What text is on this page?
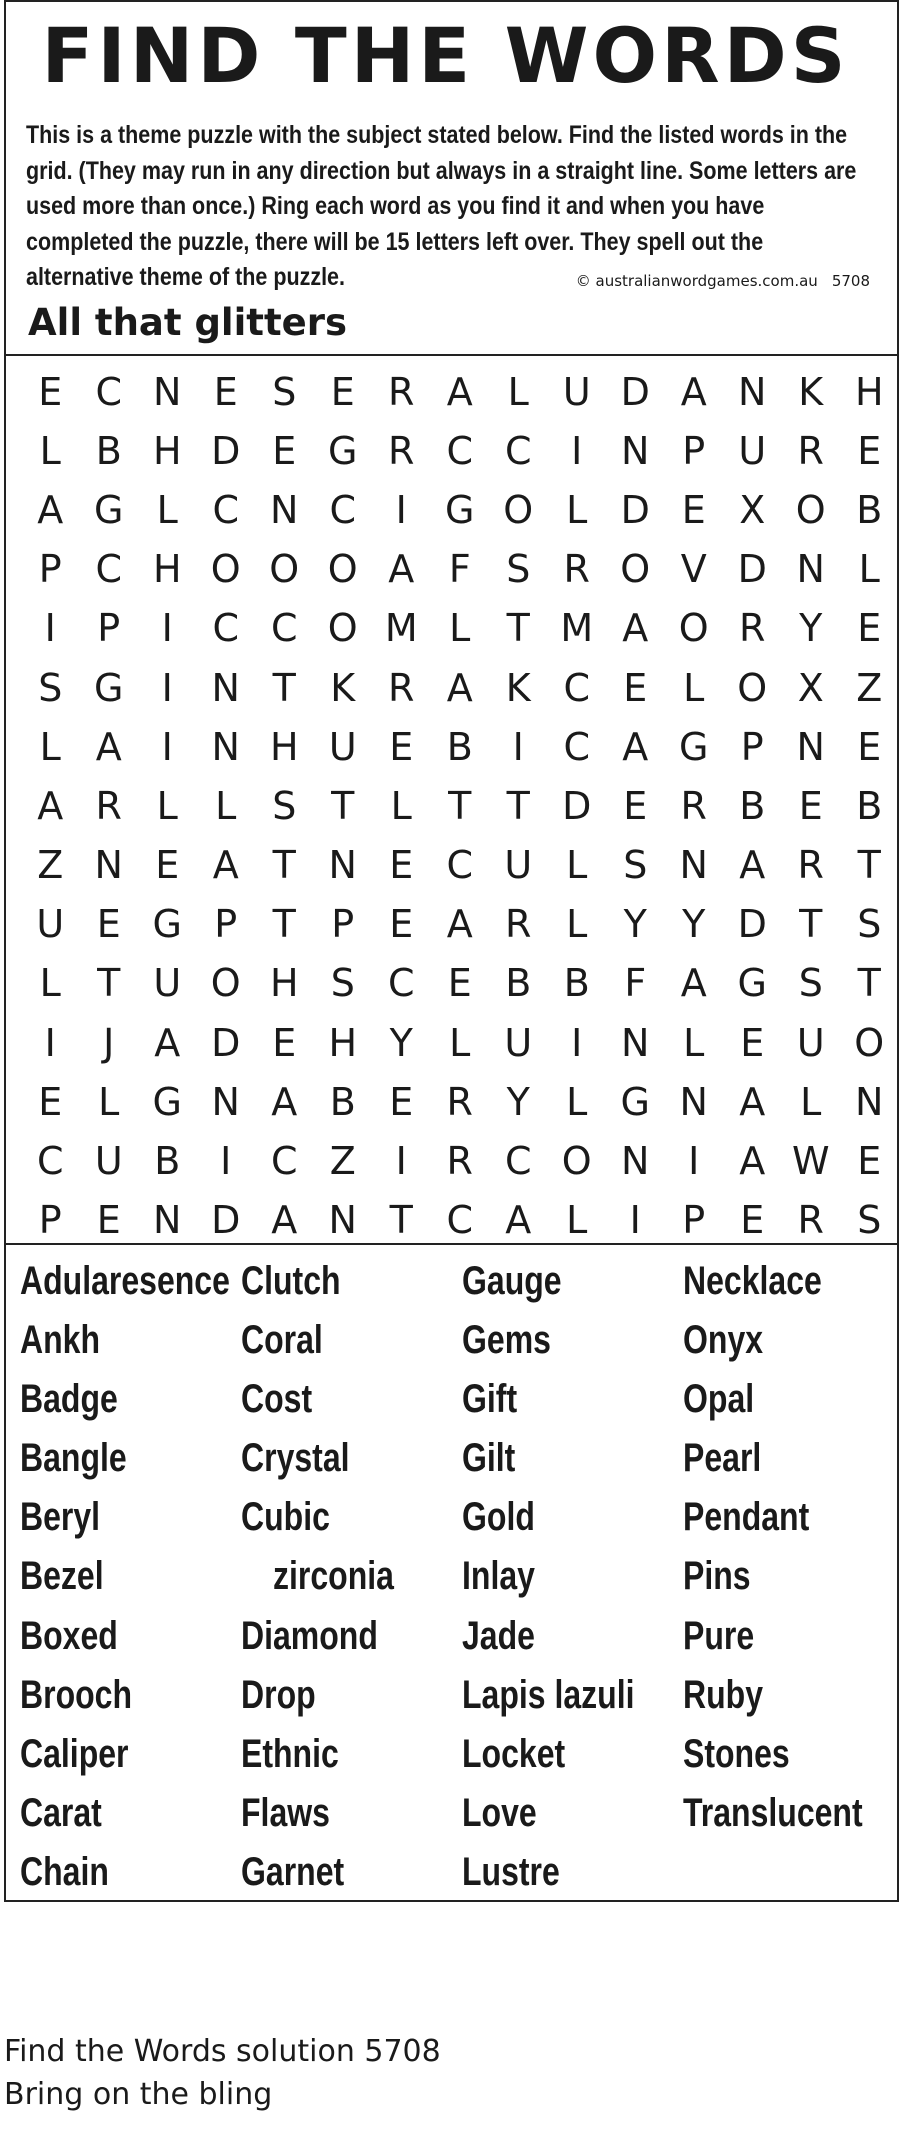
FIND THE WORDS

This is a theme puzzle with the subject stated below. Find the listed words in the grid. (They may run in any direction but always in a straight line. Some letters are used more than once.) Ring each word as you find it and when you have completed the puzzle, there will be 15 letters left over. They spell out the alternative theme of the puzzle.	© australianwordgames.com.au 5708
All that glitters
E C N E S E R A L U D A N K H
L B H D E G R C C	I	N P U R E
A G L C N C	I	G O L D E X O B
P C H O O O A F S R O V D N L
I	P	I	C C O M L T M A O R Y E
S G	I	N T K R A K C E L O X Z
L A	I	N H U E B	I	C A G P N E
A R L L S T L T T D E R B E B
Z N E A T N E C U L S N A R T
U E G P T P E A R L Y Y D T S
L T U O H S C E B B F A G S T
I	J	A D E H Y L U	I	N L E U O
E L G N A B E R Y L G N A L N
C U B	I	C Z	I	R C O N	I	A W E
P E N D A N T C A L	I	P E R S
Adularesence
Ankh
Badge
Bangle
Beryl
Bezel
Boxed
Brooch
Caliper
Carat
Chain
Clutch
Coral
Cost
Crystal
Cubic
zirconia
Diamond
Drop
Ethnic
Flaws
Garnet
Gauge
Gems
Gift
Gilt
Gold
Inlay
Jade
Lapis lazuli
Locket
Love
Lustre
Necklace
Onyx
Opal
Pearl
Pendant
Pins
Pure
Ruby
Stones
Translucent
Find the Words solution 5708
Bring on the bling
